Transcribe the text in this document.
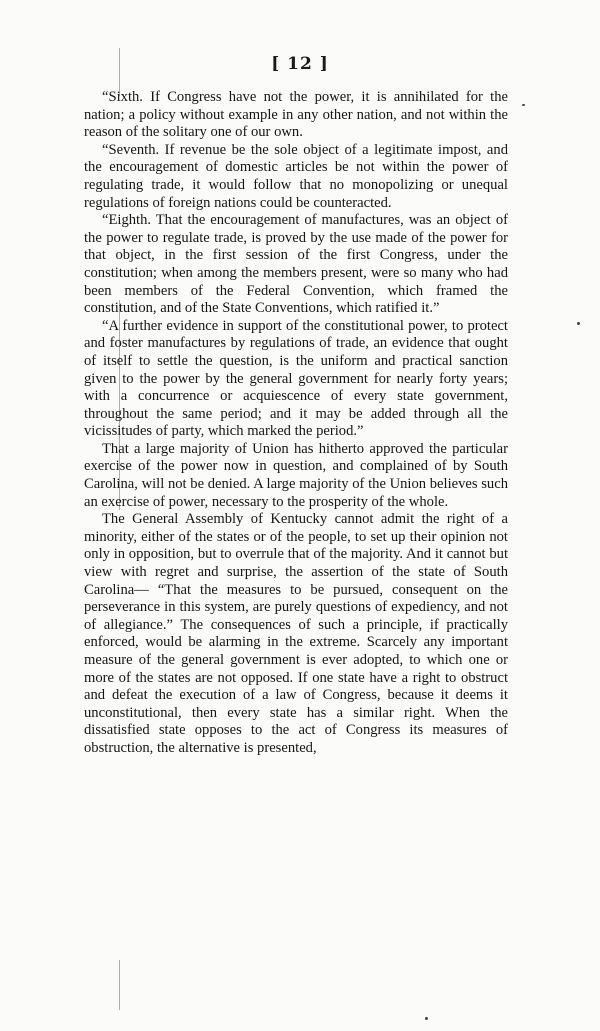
[ 12 ]

“Sixth. If Congress have not the power, it is annihilated for the nation; a policy without example in any other nation, and not within the reason of the solitary one of our own.

“Seventh. If revenue be the sole object of a legitimate impost, and the encouragement of domestic articles be not within the power of regulating trade, it would follow that no monopolizing or unequal regulations of foreign nations could be counteracted.

“Eighth. That the encouragement of manufactures, was an object of the power to regulate trade, is proved by the use made of the power for that object, in the first session of the first Congress, under the constitution; when among the members present, were so many who had been members of the Federal Convention, which framed the constitution, and of the State Conventions, which ratified it.”

“A further evidence in support of the constitutional power, to protect and foster manufactures by regulations of trade, an evidence that ought of itself to settle the question, is the uniform and practical sanction given to the power by the general government for nearly forty years; with a concurrence or acquiescence of every state government, throughout the same period; and it may be added through all the vicissitudes of party, which marked the period.”

That a large majority of Union has hitherto approved the particular exercise of the power now in question, and complained of by South Carolina, will not be denied. A large majority of the Union believes such an exercise of power, necessary to the prosperity of the whole.

The General Assembly of Kentucky cannot admit the right of a minority, either of the states or of the people, to set up their opinion not only in opposition, but to overrule that of the majority. And it cannot but view with regret and surprise, the assertion of the state of South Carolina— “That the measures to be pursued, consequent on the perseverance in this system, are purely questions of expediency, and not of allegiance.” The consequences of such a principle, if practically enforced, would be alarming in the extreme. Scarcely any important measure of the general government is ever adopted, to which one or more of the states are not opposed. If one state have a right to obstruct and defeat the execution of a law of Congress, because it deems it unconstitutional, then every state has a similar right. When the dissatisfied state opposes to the act of Congress its measures of obstruction, the alternative is presented,
